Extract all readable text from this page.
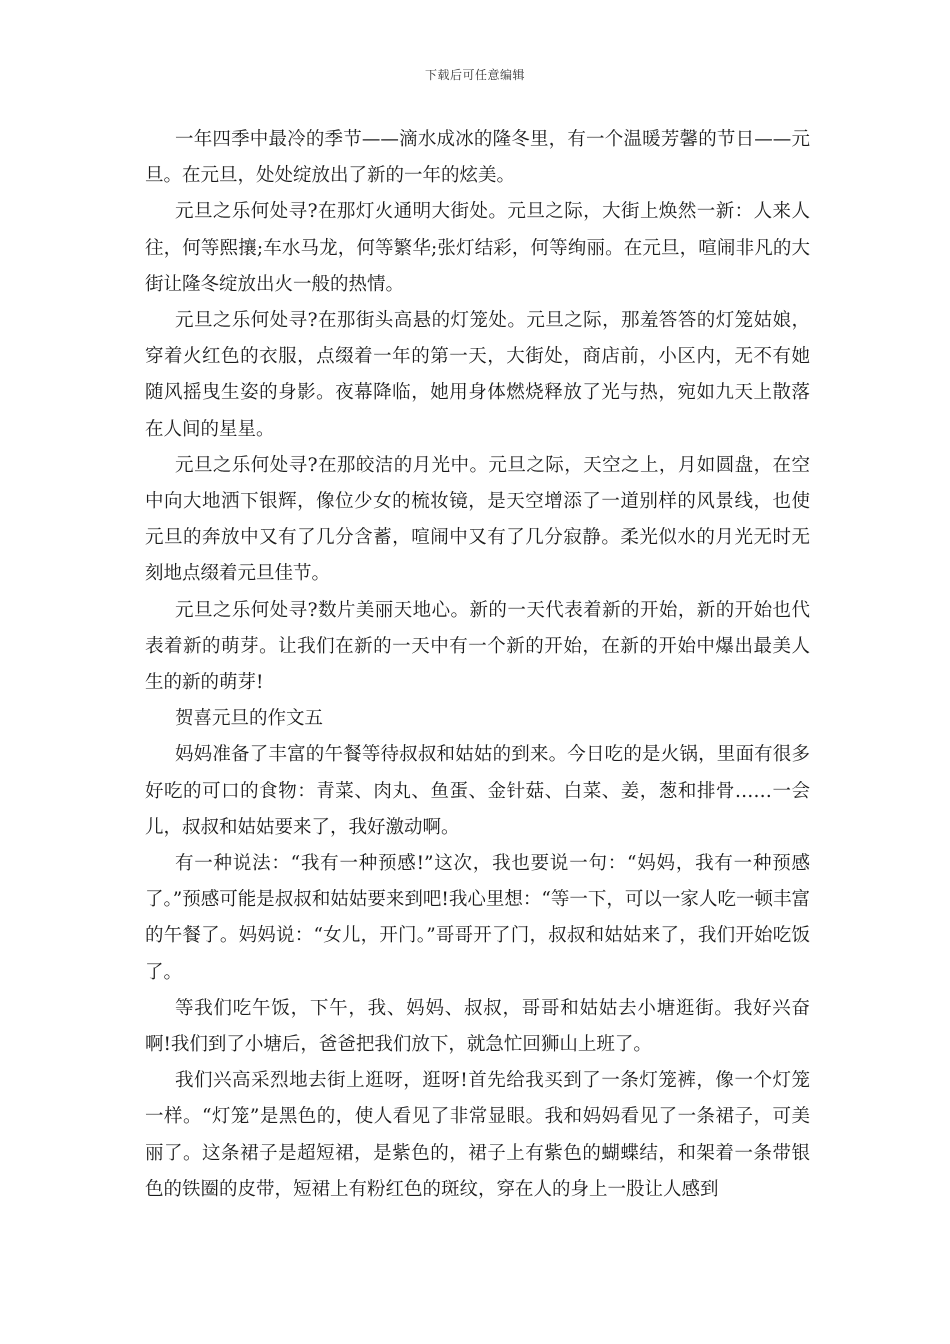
下载后可任意编辑

一年四季中最冷的季节——滴水成冰的隆冬里，有一个温暖芳馨的节日——元旦。在元旦，处处绽放出了新的一年的炫美。

元旦之乐何处寻?在那灯火通明大街处。元旦之际，大街上焕然一新：人来人往，何等熙攘;车水马龙，何等繁华;张灯结彩，何等绚丽。在元旦，喧闹非凡的大街让隆冬绽放出火一般的热情。

元旦之乐何处寻?在那街头高悬的灯笼处。元旦之际，那羞答答的灯笼姑娘，穿着火红色的衣服，点缀着一年的第一天，大街处，商店前，小区内，无不有她随风摇曳生姿的身影。夜幕降临，她用身体燃烧释放了光与热，宛如九天上散落在人间的星星。

元旦之乐何处寻?在那皎洁的月光中。元旦之际，天空之上，月如圆盘，在空中向大地洒下银辉，像位少女的梳妆镜，是天空增添了一道别样的风景线，也使元旦的奔放中又有了几分含蓄，喧闹中又有了几分寂静。柔光似水的月光无时无刻地点缀着元旦佳节。

元旦之乐何处寻?数片美丽天地心。新的一天代表着新的开始，新的开始也代表着新的萌芽。让我们在新的一天中有一个新的开始，在新的开始中爆出最美人生的新的萌芽!

贺喜元旦的作文五

妈妈准备了丰富的午餐等待叔叔和姑姑的到来。今日吃的是火锅，里面有很多好吃的可口的食物：青菜、肉丸、鱼蛋、金针菇、白菜、姜，葱和排骨……一会儿，叔叔和姑姑要来了，我好激动啊。

有一种说法：“我有一种预感!”这次，我也要说一句：“妈妈，我有一种预感了。”预感可能是叔叔和姑姑要来到吧!我心里想：“等一下，可以一家人吃一顿丰富的午餐了。妈妈说：“女儿，开门。”哥哥开了门，叔叔和姑姑来了，我们开始吃饭了。

等我们吃午饭，下午，我、妈妈、叔叔，哥哥和姑姑去小塘逛街。我好兴奋啊!我们到了小塘后，爸爸把我们放下，就急忙回狮山上班了。

我们兴高采烈地去街上逛呀，逛呀!首先给我买到了一条灯笼裤，像一个灯笼一样。“灯笼”是黑色的，使人看见了非常显眼。我和妈妈看见了一条裙子，可美丽了。这条裙子是超短裙，是紫色的，裙子上有紫色的蝴蝶结，和架着一条带银色的铁圈的皮带，短裙上有粉红色的斑纹，穿在人的身上一股让人感到
